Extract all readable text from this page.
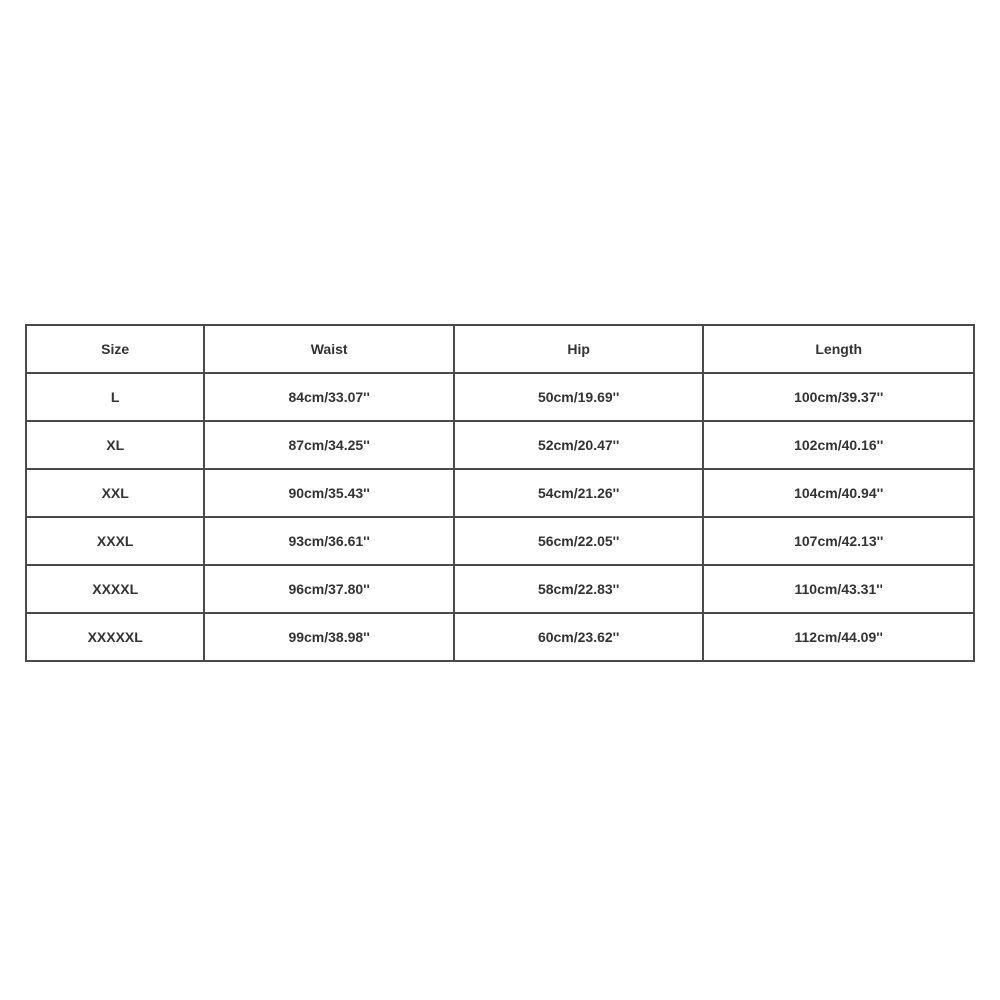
Size	Waist	Hip	Length
L	84cm/33.07''	50cm/19.69''	100cm/39.37''
XL	87cm/34.25''	52cm/20.47''	102cm/40.16''
XXL	90cm/35.43''	54cm/21.26''	104cm/40.94''
XXXL	93cm/36.61''	56cm/22.05''	107cm/42.13''
XXXXL	96cm/37.80''	58cm/22.83''	110cm/43.31''
XXXXXL	99cm/38.98''	60cm/23.62''	112cm/44.09''
